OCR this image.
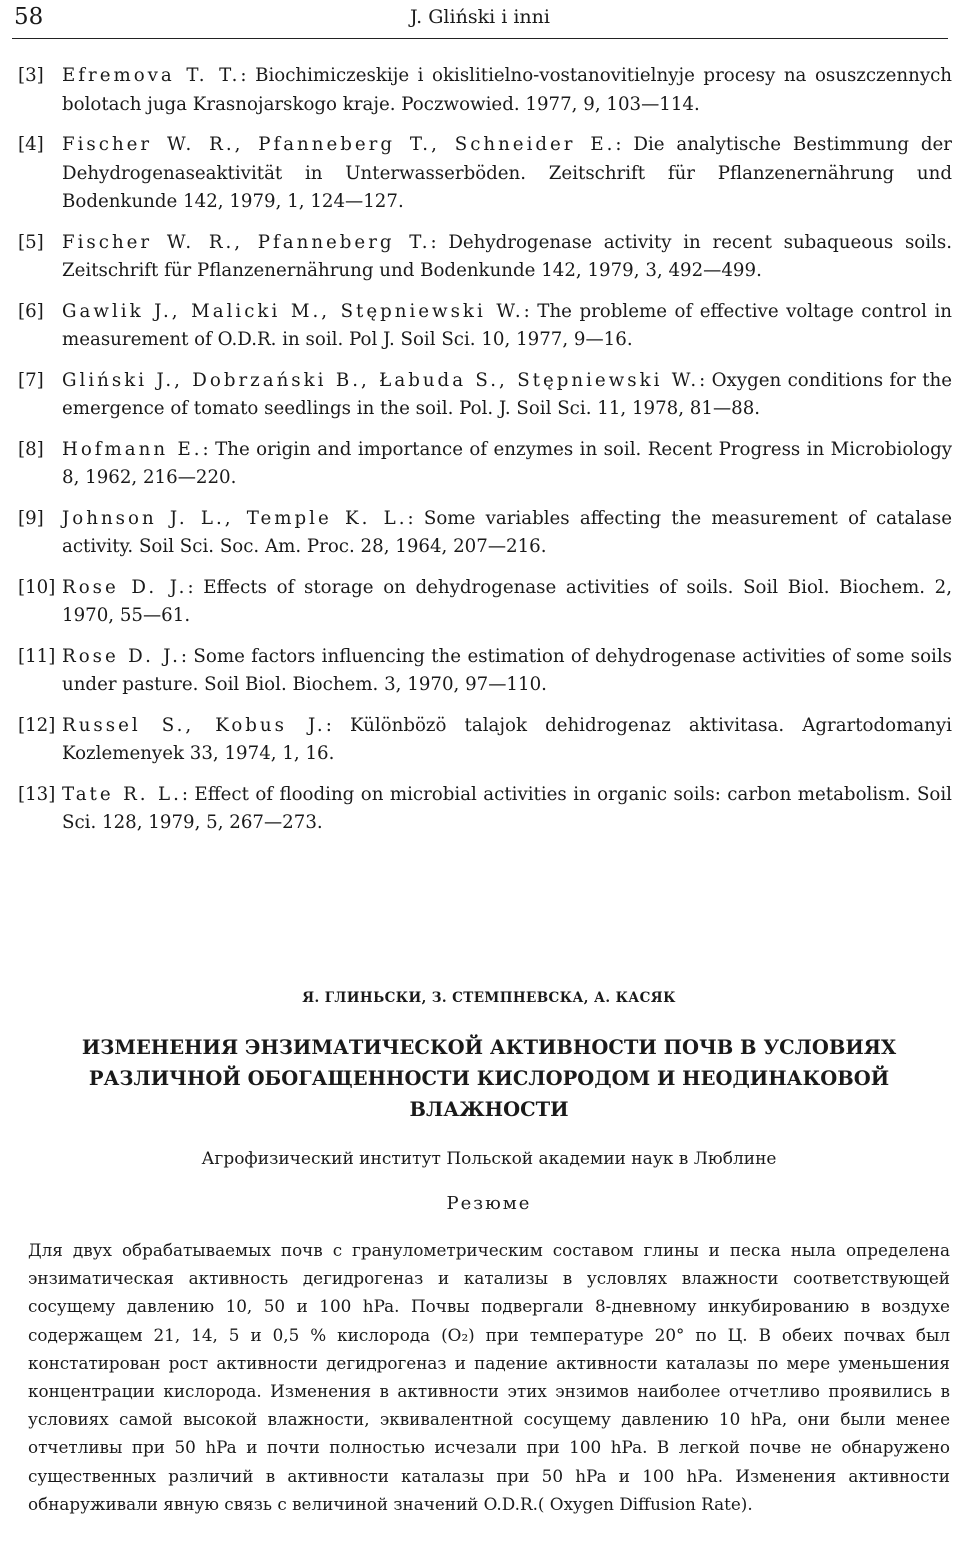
58	J. Gliński i inni
[3] Efremova T. T.: Biochimiczeskije i okislitielno-vostanovitielnyje procesy na osuszczennych bolotach juga Krasnojarskogo kraje. Poczwowied. 1977, 9, 103—114.
[4] Fischer W. R., Pfanneberg T., Schneider E.: Die analytische Bestimmung der Dehydrogenaseaktivität in Unterwasserböden. Zeitschrift für Pflanzenernährung und Bodenkunde 142, 1979, 1, 124—127.
[5] Fischer W. R., Pfanneberg T.: Dehydrogenase activity in recent subaqueous soils. Zeitschrift für Pflanzenernährung und Bodenkunde 142, 1979, 3, 492—499.
[6] Gawlik J., Malicki M., Stępniewski W.: The probleme of effective voltage control in measurement of O.D.R. in soil. Pol J. Soil Sci. 10, 1977, 9—16.
[7] Gliński J., Dobrzański B., Łabuda S., Stępniewski W.: Oxygen conditions for the emergence of tomato seedlings in the soil. Pol. J. Soil Sci. 11, 1978, 81—88.
[8] Hofmann E.: The origin and importance of enzymes in soil. Recent Progress in Microbiology 8, 1962, 216—220.
[9] Johnson J. L., Temple K. L.: Some variables affecting the measurement of catalase activity. Soil Sci. Soc. Am. Proc. 28, 1964, 207—216.
[10] Rose D. J.: Effects of storage on dehydrogenase activities of soils. Soil Biol. Biochem. 2, 1970, 55—61.
[11] Rose D. J.: Some factors influencing the estimation of dehydrogenase activities of some soils under pasture. Soil Biol. Biochem. 3, 1970, 97—110.
[12] Russel S., Kobus J.: Különbözö talajok dehidrogenaz aktivitasa. Agrartodomanyi Kozlemenyek 33, 1974, 1, 16.
[13] Tate R. L.: Effect of flooding on microbial activities in organic soils: carbon metabolism. Soil Sci. 128, 1979, 5, 267—273.
Я. ГЛИНЬСКИ, З. СТЕМПНЕВСКА, А. КАСЯК
ИЗМЕНЕНИЯ ЭНЗИМАТИЧЕСКОЙ АКТИВНОСТИ ПОЧВ В УСЛОВИЯХ РАЗЛИЧНОЙ ОБОГАЩЕННОСТИ КИСЛОРОДОМ И НЕОДИНАКОВОЙ ВЛАЖНОСТИ
Агрофизический институт Польской академии наук в Люблине
Резюме
Для двух обрабатываемых почв с гранулометрическим составом глины и песка ныла определена энзиматическая активность дегидрогеназ и катализы в условлях влажности соответствующей сосущему давлению 10, 50 и 100 hPa. Почвы подвергали 8-дневному инкубированию в воздухе содержащем 21, 14, 5 и 0,5 % кислорода (O₂) при температуре 20° по Ц. В обеих почвах был констатирован рост активности дегидрогеназ и падение активности каталазы по мере уменьшения концентрации кислорода. Изменения в активности этих энзимов наиболее отчетливо проявились в условиях самой высокой влажности, эквивалентной сосущему давлению 10 hPa, они были менее отчетливы при 50 hPa и почти полностью исчезали при 100 hPa. В легкой почве не обнаружено существенных различий в активности каталазы при 50 hPa и 100 hPa. Изменения активности обнаруживали явную связь с величиной значений O.D.R.( Oxygen Diffusion Rate).
